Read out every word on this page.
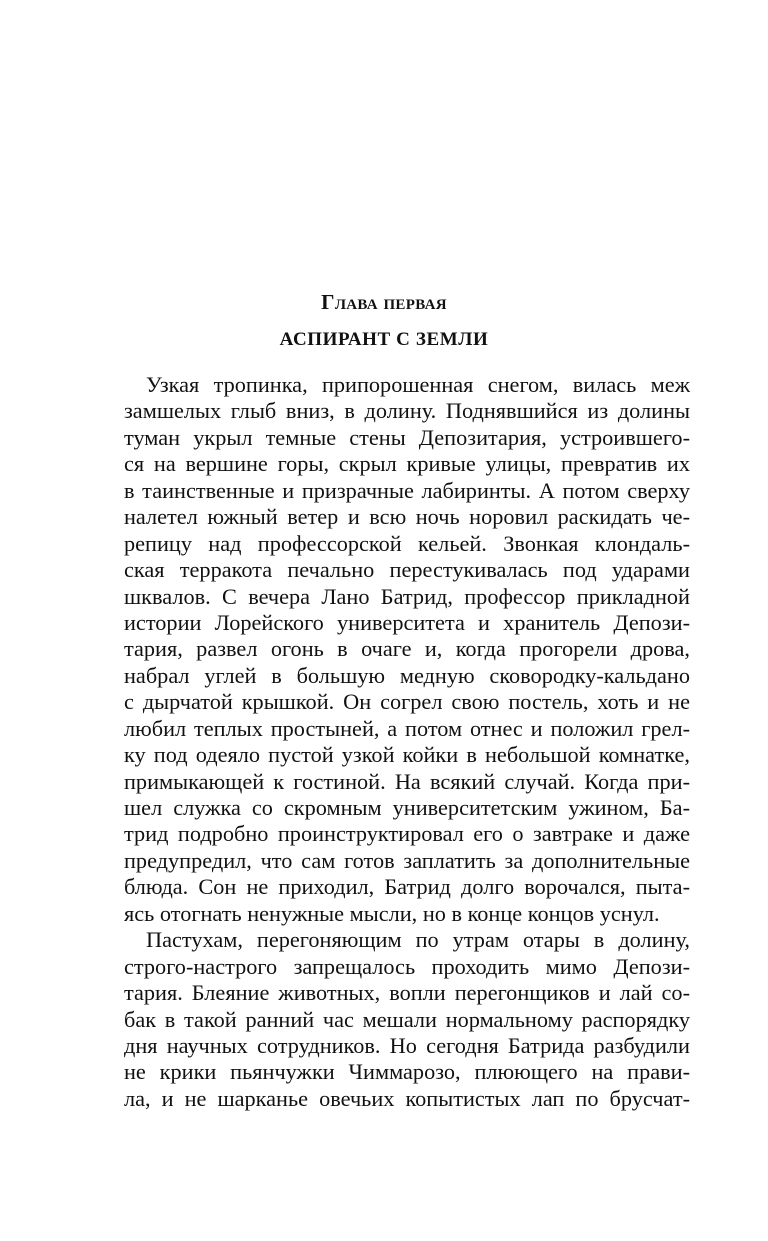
Глава первая
АСПИРАНТ С ЗЕМЛИ
Узкая тропинка, припорошенная снегом, вилась меж
замшелых глыб вниз, в долину. Поднявшийся из долины
туман укрыл темные стены Депозитария, устроившего-
ся на вершине горы, скрыл кривые улицы, превратив их
в таинственные и призрачные лабиринты. А потом сверху
налетел южный ветер и всю ночь норовил раскидать че-
репицу над профессорской кельей. Звонкая клондаль-
ская терракота печально перестукивалась под ударами
шквалов. С вечера Лано Батрид, профессор прикладной
истории Лорейского университета и хранитель Депози-
тария, развел огонь в очаге и, когда прогорели дрова,
набрал углей в большую медную сковородку-кальдано
с дырчатой крышкой. Он согрел свою постель, хоть и не
любил теплых простыней, а потом отнес и положил грел-
ку под одеяло пустой узкой койки в небольшой комнатке,
примыкающей к гостиной. На всякий случай. Когда при-
шел служка со скромным университетским ужином, Ба-
трид подробно проинструктировал его о завтраке и даже
предупредил, что сам готов заплатить за дополнительные
блюда. Сон не приходил, Батрид долго ворочался, пыта-
ясь отогнать ненужные мысли, но в конце концов уснул.
Пастухам, перегоняющим по утрам отары в долину,
строго-настрого запрещалось проходить мимо Депози-
тария. Блеяние животных, вопли перегонщиков и лай со-
бак в такой ранний час мешали нормальному распорядку
дня научных сотрудников. Но сегодня Батрида разбудили
не крики пьянчужки Чиммарозо, плюющего на прави-
ла, и не шарканье овечьих копытистых лап по брусчат-
